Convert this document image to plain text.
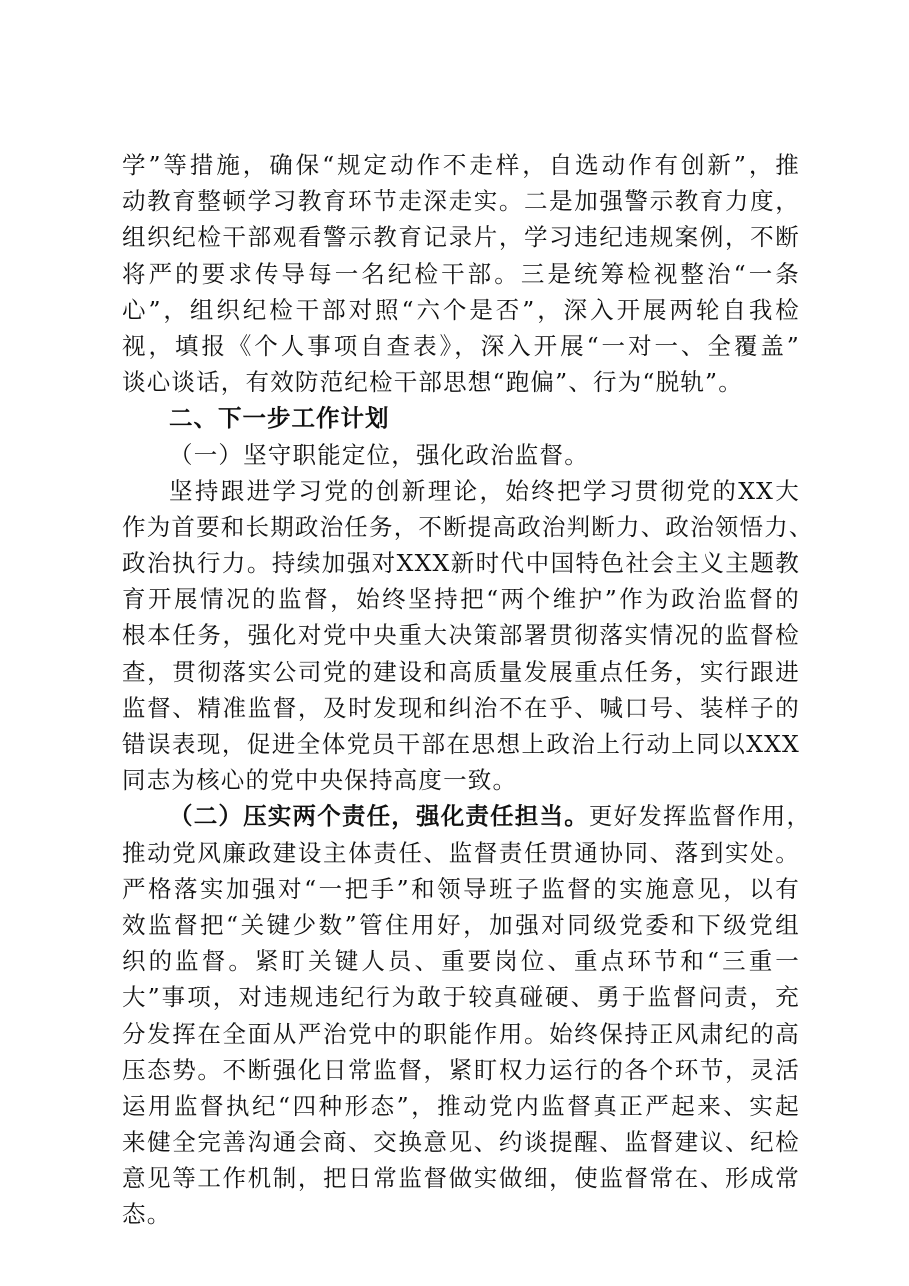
学”等措施，确保“规定动作不走样，自选动作有创新”，推
动教育整顿学习教育环节走深走实。二是加强警示教育力度，
组织纪检干部观看警示教育记录片，学习违纪违规案例，不断
将严的要求传导每一名纪检干部。三是统筹检视整治“一条
心”，组织纪检干部对照“六个是否”，深入开展两轮自我检
视，填报《个人事项自查表》，深入开展“一对一、全覆盖”
谈心谈话，有效防范纪检干部思想“跑偏”、行为“脱轨”。
二、下一步工作计划
（一）坚守职能定位，强化政治监督。
坚持跟进学习党的创新理论，始终把学习贯彻党的XX大
作为首要和长期政治任务，不断提高政治判断力、政治领悟力、
政治执行力。持续加强对XXX新时代中国特色社会主义主题教
育开展情况的监督，始终坚持把“两个维护”作为政治监督的
根本任务，强化对党中央重大决策部署贯彻落实情况的监督检
查，贯彻落实公司党的建设和高质量发展重点任务，实行跟进
监督、精准监督，及时发现和纠治不在乎、喊口号、装样子的
错误表现，促进全体党员干部在思想上政治上行动上同以XXX
同志为核心的党中央保持高度一致。
（二）压实两个责任，强化责任担当。更好发挥监督作用，
推动党风廉政建设主体责任、监督责任贯通协同、落到实处。
严格落实加强对“一把手”和领导班子监督的实施意见，以有
效监督把“关键少数”管住用好，加强对同级党委和下级党组
织的监督。紧盯关键人员、重要岗位、重点环节和“三重一
大”事项，对违规违纪行为敢于较真碰硬、勇于监督问责，充
分发挥在全面从严治党中的职能作用。始终保持正风肃纪的高
压态势。不断强化日常监督，紧盯权力运行的各个环节，灵活
运用监督执纪“四种形态”，推动党内监督真正严起来、实起
来健全完善沟通会商、交换意见、约谈提醒、监督建议、纪检
意见等工作机制，把日常监督做实做细，使监督常在、形成常
态。
